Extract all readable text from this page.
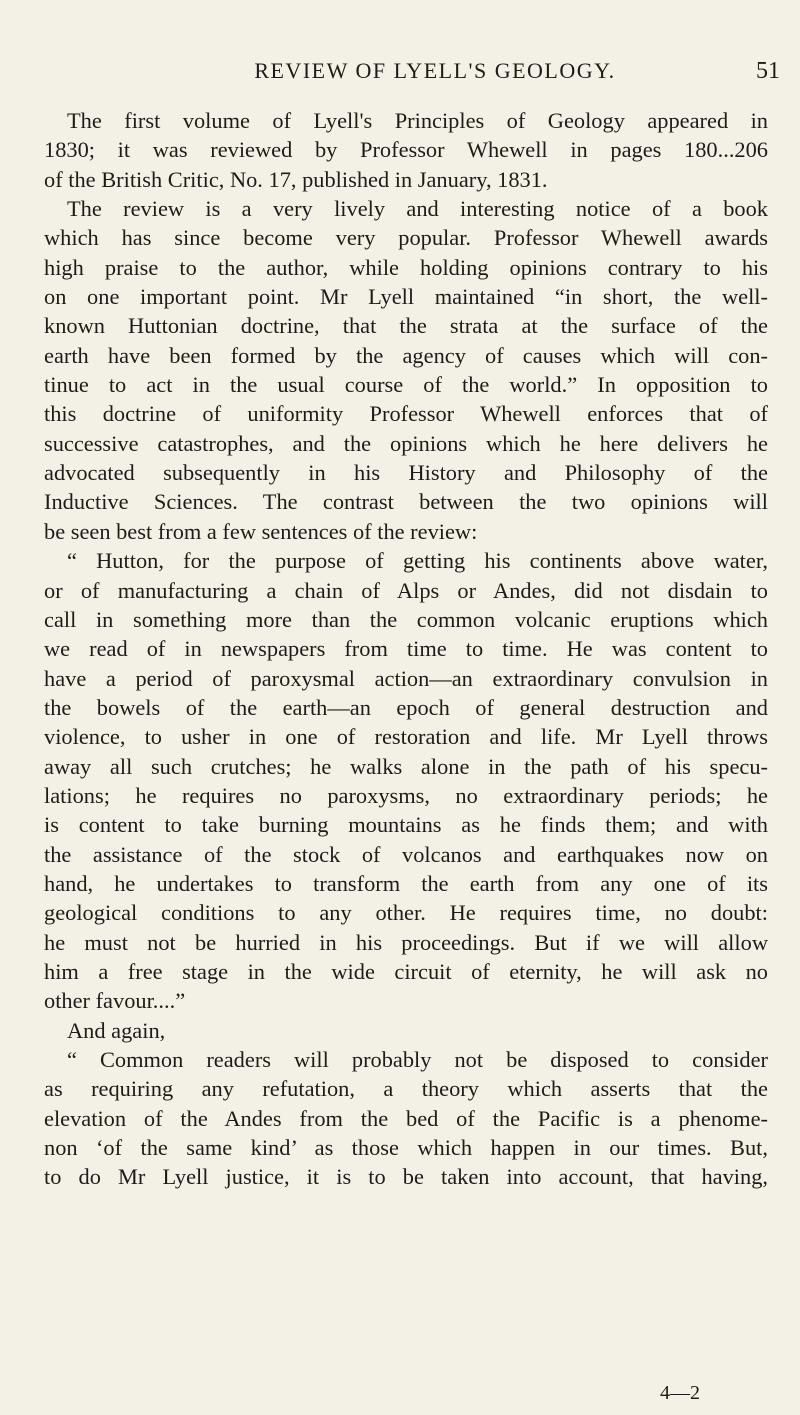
REVIEW OF LYELL'S GEOLOGY.	51
The first volume of Lyell's Principles of Geology appeared in
1830; it was reviewed by Professor Whewell in pages 180...206
of the British Critic, No. 17, published in January, 1831.
The review is a very lively and interesting notice of a book
which has since become very popular. Professor Whewell awards
high praise to the author, while holding opinions contrary to his
on one important point. Mr Lyell maintained “in short, the well-
known Huttonian doctrine, that the strata at the surface of the
earth have been formed by the agency of causes which will con-
tinue to act in the usual course of the world.” In opposition to
this doctrine of uniformity Professor Whewell enforces that of
successive catastrophes, and the opinions which he here delivers he
advocated subsequently in his History and Philosophy of the
Inductive Sciences. The contrast between the two opinions will
be seen best from a few sentences of the review:
“ Hutton, for the purpose of getting his continents above water,
or of manufacturing a chain of Alps or Andes, did not disdain to
call in something more than the common volcanic eruptions which
we read of in newspapers from time to time. He was content to
have a period of paroxysmal action—an extraordinary convulsion in
the bowels of the earth—an epoch of general destruction and
violence, to usher in one of restoration and life. Mr Lyell throws
away all such crutches; he walks alone in the path of his specu-
lations; he requires no paroxysms, no extraordinary periods; he
is content to take burning mountains as he finds them; and with
the assistance of the stock of volcanos and earthquakes now on
hand, he undertakes to transform the earth from any one of its
geological conditions to any other. He requires time, no doubt:
he must not be hurried in his proceedings. But if we will allow
him a free stage in the wide circuit of eternity, he will ask no
other favour....”
And again,
“ Common readers will probably not be disposed to consider
as requiring any refutation, a theory which asserts that the
elevation of the Andes from the bed of the Pacific is a phenome-
non ‘of the same kind’ as those which happen in our times. But,
to do Mr Lyell justice, it is to be taken into account, that having,
4—2
